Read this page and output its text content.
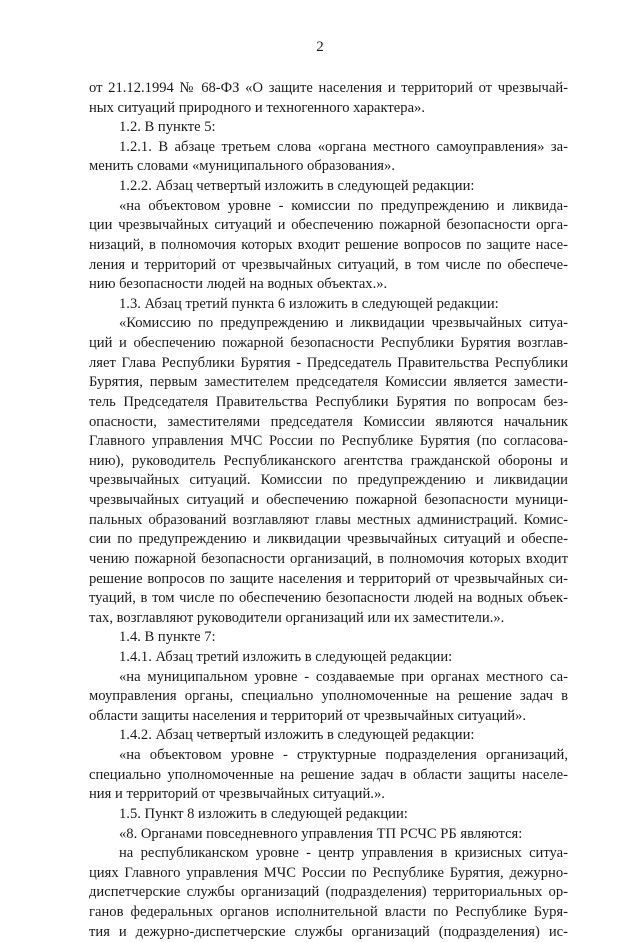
2
от 21.12.1994 № 68-ФЗ «О защите населения и территорий от чрезвычай-
ных ситуаций природного и техногенного характера».
1.2. В пункте 5:
1.2.1. В абзаце третьем слова «органа местного самоуправления» за-
менить словами «муниципального образования».
1.2.2. Абзац четвертый изложить в следующей редакции:
«на объектовом уровне - комиссии по предупреждению и ликвида-
ции чрезвычайных ситуаций и обеспечению пожарной безопасности орга-
низаций, в полномочия которых входит решение вопросов по защите насе-
ления и территорий от чрезвычайных ситуаций, в том числе по обеспече-
нию безопасности людей на водных объектах.».
1.3. Абзац третий пункта 6 изложить в следующей редакции:
«Комиссию по предупреждению и ликвидации чрезвычайных ситуа-
ций и обеспечению пожарной безопасности Республики Бурятия возглав-
ляет Глава Республики Бурятия - Председатель Правительства Республики
Бурятия, первым заместителем председателя Комиссии является замести-
тель Председателя Правительства Республики Бурятия по вопросам без-
опасности, заместителями председателя Комиссии являются начальник
Главного управления МЧС России по Республике Бурятия (по согласова-
нию), руководитель Республиканского агентства гражданской обороны и
чрезвычайных ситуаций. Комиссии по предупреждению и ликвидации
чрезвычайных ситуаций и обеспечению пожарной безопасности муници-
пальных образований возглавляют главы местных администраций. Комис-
сии по предупреждению и ликвидации чрезвычайных ситуаций и обеспе-
чению пожарной безопасности организаций, в полномочия которых входит
решение вопросов по защите населения и территорий от чрезвычайных си-
туаций, в том числе по обеспечению безопасности людей на водных объек-
тах, возглавляют руководители организаций или их заместители.».
1.4. В пункте 7:
1.4.1. Абзац третий изложить в следующей редакции:
«на муниципальном уровне - создаваемые при органах местного са-
моуправления органы, специально уполномоченные на решение задач в
области защиты населения и территорий от чрезвычайных ситуаций».
1.4.2. Абзац четвертый изложить в следующей редакции:
«на объектовом уровне - структурные подразделения организаций,
специально уполномоченные на решение задач в области защиты населе-
ния и территорий от чрезвычайных ситуаций.».
1.5. Пункт 8 изложить в следующей редакции:
«8. Органами повседневного управления ТП РСЧС РБ являются:
на республиканском уровне - центр управления в кризисных ситуа-
циях Главного управления МЧС России по Республике Бурятия, дежурно-
диспетчерскиe службы организаций (подразделения) территориальных ор-
ганов федеральных органов исполнительной власти по Республике Буря-
тия и дежурно-диспетчерские службы организаций (подразделения) ис-
